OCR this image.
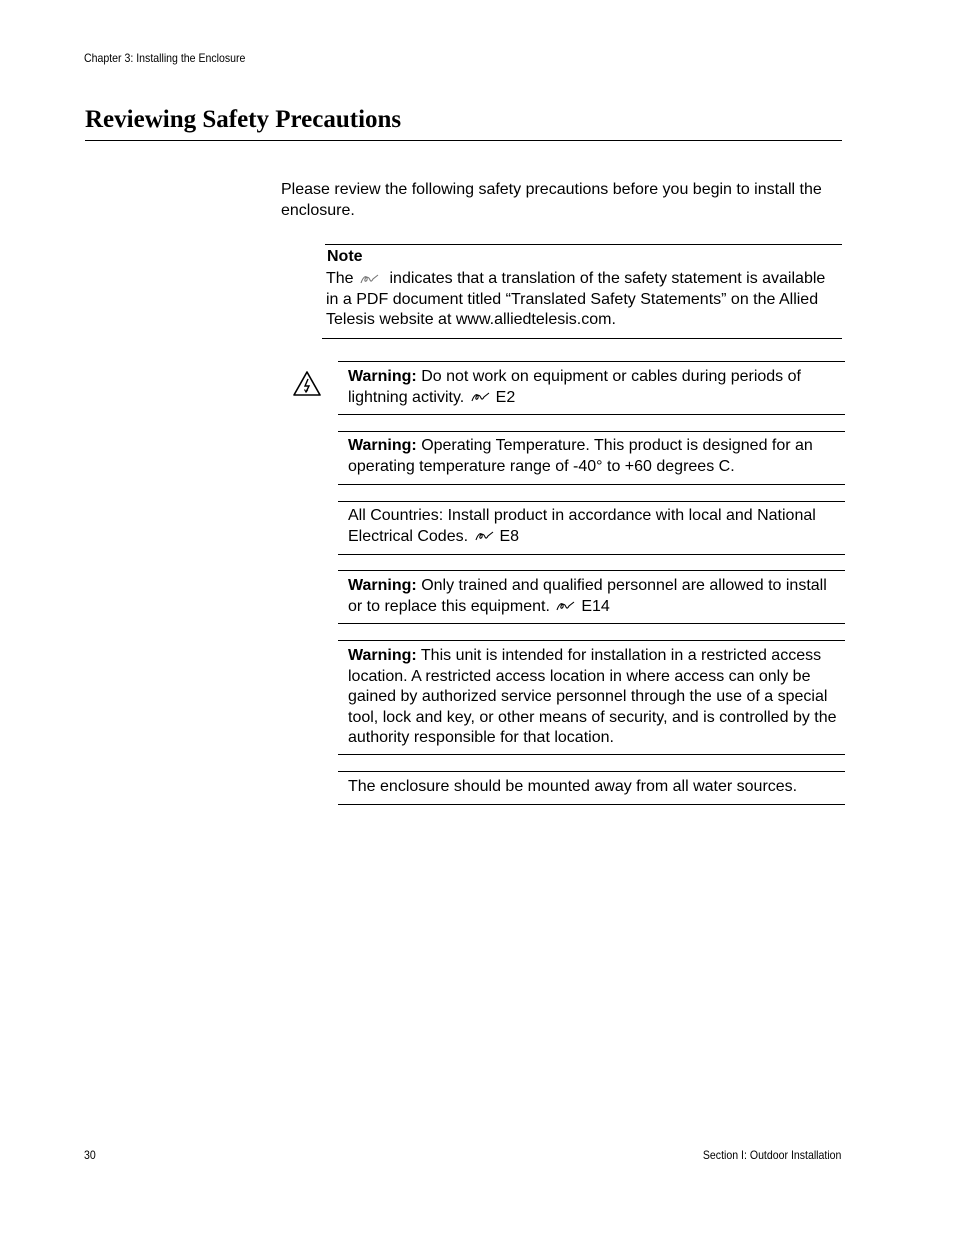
Chapter 3: Installing the Enclosure
Reviewing Safety Precautions
Please review the following safety precautions before you begin to install the enclosure.
Note
The indicates that a translation of the safety statement is available in a PDF document titled “Translated Safety Statements” on the Allied Telesis website at www.alliedtelesis.com.
Warning: Do not work on equipment or cables during periods of lightning activity. E2
Warning: Operating Temperature. This product is designed for an operating temperature range of -40° to +60 degrees C.
All Countries: Install product in accordance with local and National Electrical Codes. E8
Warning: Only trained and qualified personnel are allowed to install or to replace this equipment. E14
Warning: This unit is intended for installation in a restricted access location. A restricted access location in where access can only be gained by authorized service personnel through the use of a special tool, lock and key, or other means of security, and is controlled by the authority responsible for that location.
The enclosure should be mounted away from all water sources.
30	Section I: Outdoor Installation
